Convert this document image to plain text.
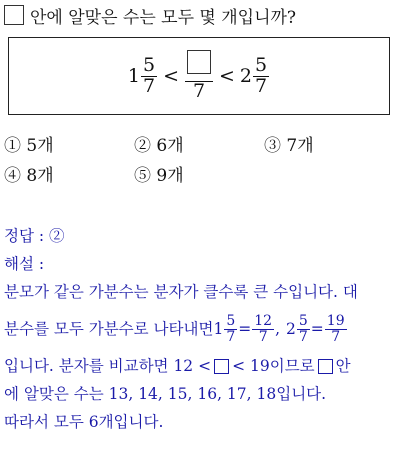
안에 알맞은 수는 모두 몇 개입니까?
$1 \frac{5}{7}$ <
7
< $2 \frac{5}{7}$
① 5개	② 6개	③ 7개
④ 8개	⑤ 9개
정답 : ②
해설 :
분모가 같은 가분수는 분자가 클수록 큰 수입니다. 대
분수를 모두 가분수로 나타내면 $1 \frac{5}{7} = \frac{12}{7}$ , $2 \frac{5}{7} = \frac{19}{7}$
입니다. 분자를 비교하면 12 < < 19이므로 안
에 알맞은 수는 13, 14, 15, 16, 17, 18입니다.
따라서 모두 6개입니다.
